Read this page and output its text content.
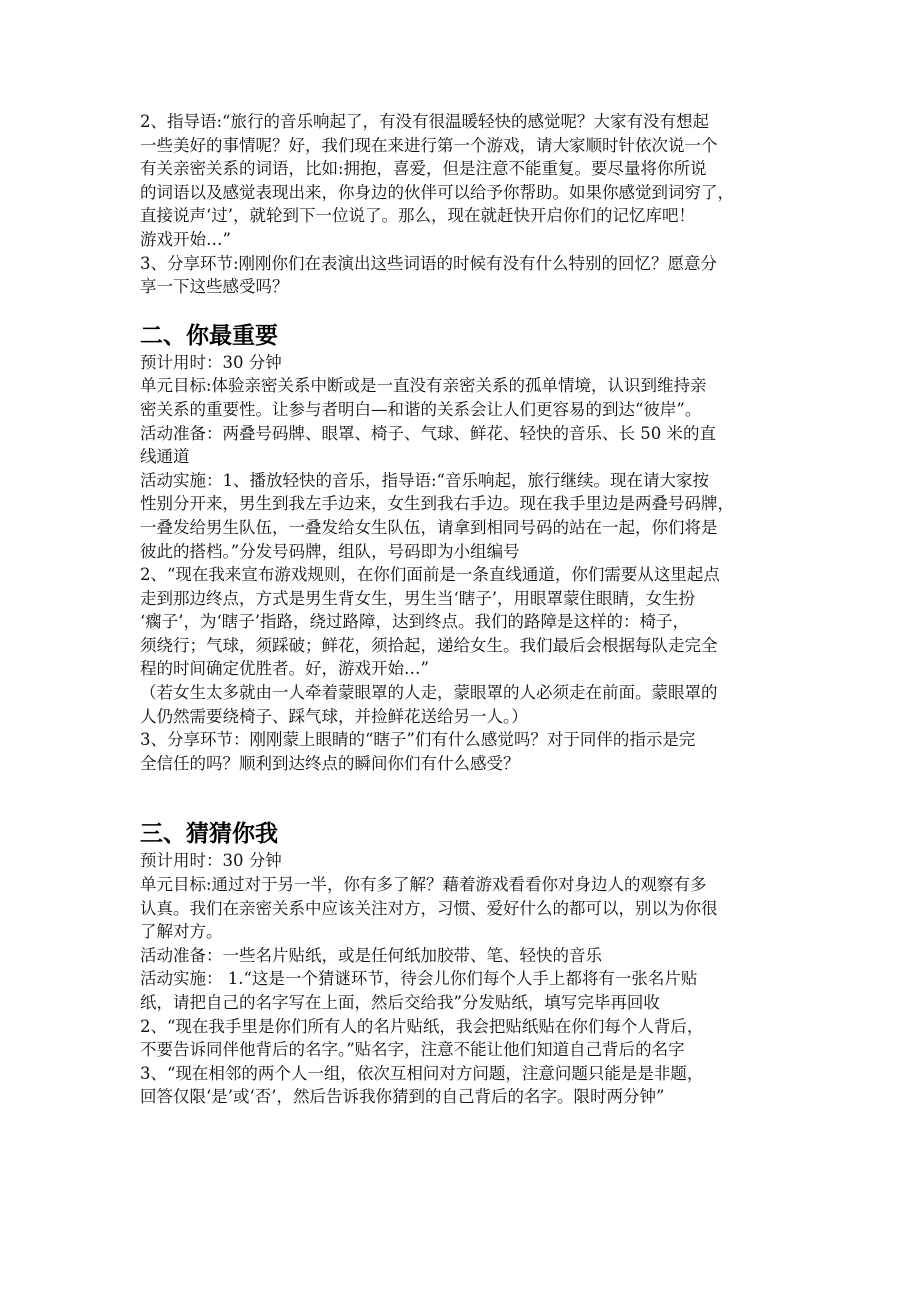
2、指导语:“旅行的音乐响起了，有没有很温暖轻快的感觉呢？大家有没有想起

一些美好的事情呢？好，我们现在来进行第一个游戏，请大家顺时针依次说一个

有关亲密关系的词语，比如:拥抱，喜爱，但是注意不能重复。要尽量将你所说

的词语以及感觉表现出来，你身边的伙伴可以给予你帮助。如果你感觉到词穷了，

直接说声‘过’，就轮到下一位说了。那么，现在就赶快开启你们的记忆库吧！

游戏开始…”

3、分享环节:刚刚你们在表演出这些词语的时候有没有什么特别的回忆？愿意分

享一下这些感受吗？

二、你最重要

预计用时：30 分钟

单元目标:体验亲密关系中断或是一直没有亲密关系的孤单情境，认识到维持亲

密关系的重要性。让参与者明白—和谐的关系会让人们更容易的到达“彼岸”。

活动准备：两叠号码牌、眼罩、椅子、气球、鲜花、轻快的音乐、长 50 米的直

线通道

活动实施：1、播放轻快的音乐，指导语:“音乐响起，旅行继续。现在请大家按

性别分开来，男生到我左手边来，女生到我右手边。现在我手里边是两叠号码牌，

一叠发给男生队伍，一叠发给女生队伍，请拿到相同号码的站在一起，你们将是

彼此的搭档。”分发号码牌，组队，号码即为小组编号

2、“现在我来宣布游戏规则，在你们面前是一条直线通道，你们需要从这里起点

走到那边终点，方式是男生背女生，男生当‘瞎子’，用眼罩蒙住眼睛，女生扮

‘瘸子’，为‘瞎子’指路，绕过路障，达到终点。我们的路障是这样的：椅子，

须绕行；气球，须踩破；鲜花，须拾起，递给女生。我们最后会根据每队走完全

程的时间确定优胜者。好，游戏开始…”

（若女生太多就由一人牵着蒙眼罩的人走，蒙眼罩的人必须走在前面。蒙眼罩的

人仍然需要绕椅子、踩气球，并捡鲜花送给另一人。）

3、分享环节：刚刚蒙上眼睛的“瞎子”们有什么感觉吗？对于同伴的指示是完

全信任的吗？顺利到达终点的瞬间你们有什么感受？

三、猜猜你我

预计用时：30 分钟

单元目标:通过对于另一半，你有多了解？藉着游戏看看你对身边人的观察有多

认真。我们在亲密关系中应该关注对方，习惯、爱好什么的都可以，别以为你很

了解对方。

活动准备：一些名片贴纸，或是任何纸加胶带、笔、轻快的音乐

活动实施： 1.“这是一个猜谜环节，待会儿你们每个人手上都将有一张名片贴

纸，请把自己的名字写在上面，然后交给我”分发贴纸，填写完毕再回收

2、“现在我手里是你们所有人的名片贴纸，我会把贴纸贴在你们每个人背后，

不要告诉同伴他背后的名字。”贴名字，注意不能让他们知道自己背后的名字

3、“现在相邻的两个人一组，依次互相问对方问题，注意问题只能是是非题，

回答仅限‘是’或‘否’，然后告诉我你猜到的自己背后的名字。限时两分钟”
